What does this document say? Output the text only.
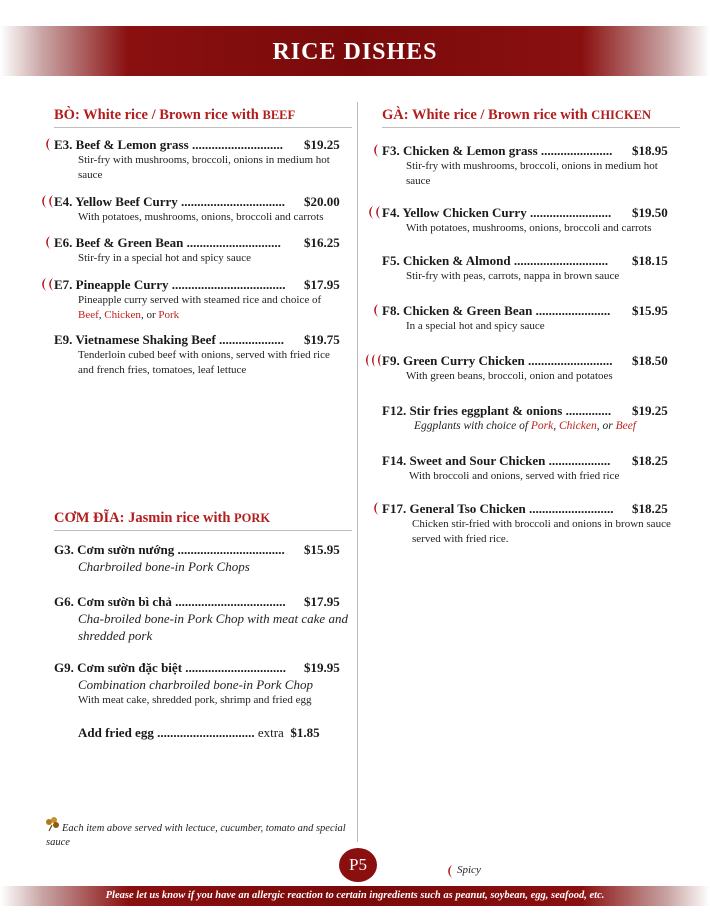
RICE DISHES
BÒ: White rice / Brown rice with BEEF
E3. Beef & Lemon grass ............................ $19.25
Stir-fry with mushrooms, broccoli, onions in medium hot sauce
E4. Yellow Beef Curry ................................ $20.00
With potatoes, mushrooms, onions, broccoli and carrots
E6. Beef & Green Bean ............................. $16.25
Stir-fry in a special hot and spicy sauce
E7. Pineapple Curry ................................... $17.95
Pineapple curry served with steamed rice and choice of
Beef, Chicken, or Pork
E9. Vietnamese Shaking Beef .................... $19.75
Tenderloin cubed beef with onions, served with fried rice and french fries, tomatoes, leaf lettuce
CƠM ĐĨA: Jasmin rice with PORK
G3. Cơm sườn nướng ................................. $15.95
Charbroiled bone-in Pork Chops
G6. Cơm sườn bì chả .................................. $17.95
Cha-broiled bone-in Pork Chop with meat cake and shredded pork
G9. Cơm sườn đặc biệt ............................... $19.95
Combination charbroiled bone-in Pork Chop
With meat cake, shredded pork, shrimp and fried egg
Add fried egg .............................. extra $1.85
GÀ: White rice / Brown rice with CHICKEN
F3. Chicken & Lemon grass ...................... $18.95
Stir-fry with mushrooms, broccoli, onions in medium hot sauce
F4. Yellow Chicken Curry ......................... $19.50
With potatoes, mushrooms, onions, broccoli and carrots
F5. Chicken & Almond ............................. $18.15
Stir-fry with peas, carrots, nappa in brown sauce
F8. Chicken & Green Bean ....................... $15.95
In a special hot and spicy sauce
F9. Green Curry Chicken .......................... $18.50
With green beans, broccoli, onion and potatoes
F12. Stir fries eggplant & onions .............. $19.25
Eggplants with choice of Pork, Chicken, or Beef
F14. Sweet and Sour Chicken ................... $18.25
With broccoli and onions, served with fried rice
F17. General Tso Chicken .......................... $18.25
Chicken stir-fried with broccoli and onions in brown sauce served with fried rice.
Each item above served with lectuce, cucumber, tomato and special sauce
P5	Spicy
Please let us know if you have an allergic reaction to certain ingredients such as peanut, soybean, egg, seafood, etc.
